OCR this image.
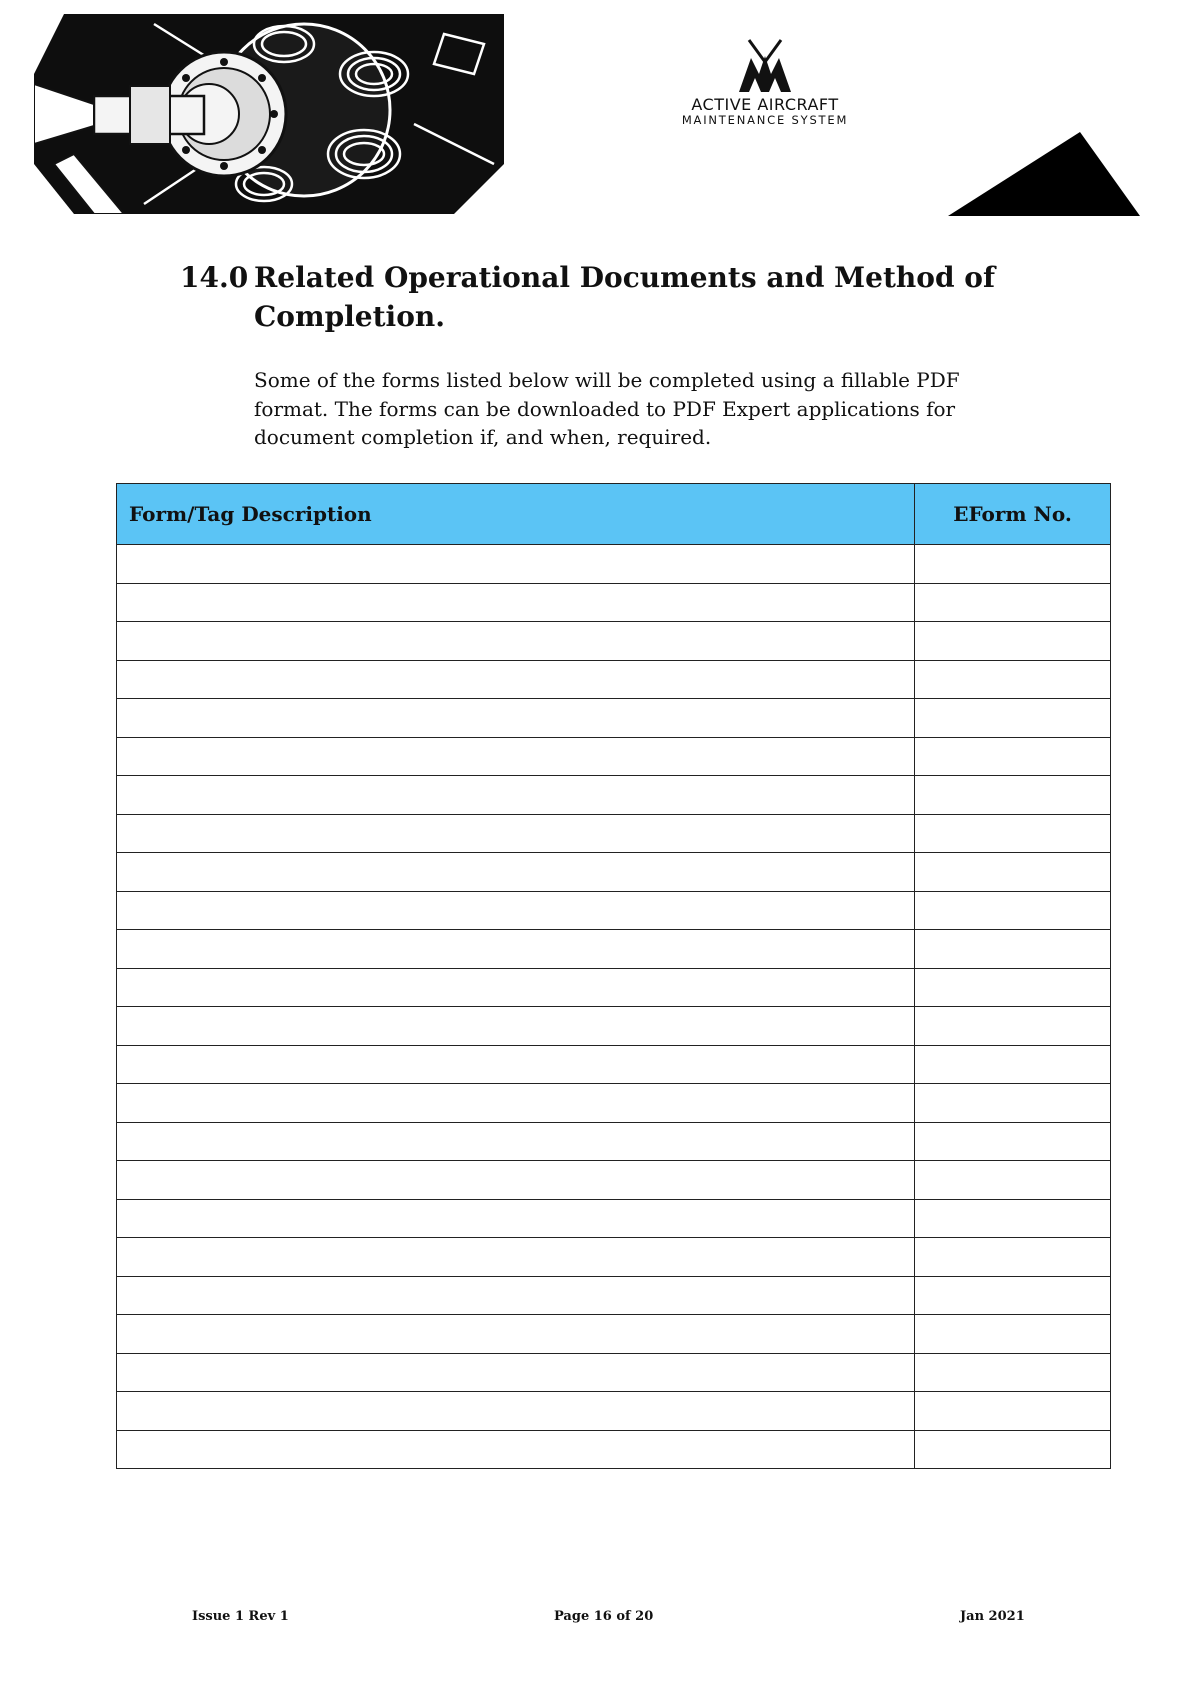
ACTIVE AIRCRAFT
MAINTENANCE SYSTEM
14.0 Related Operational Documents and Method of Completion.

Some of the forms listed below will be completed using a fillable PDF format. The forms can be downloaded to PDF Expert applications for document completion if, and when, required.

Form/Tag Description	EForm No.

Issue 1 Rev 1	Page 16 of 20	Jan 2021
